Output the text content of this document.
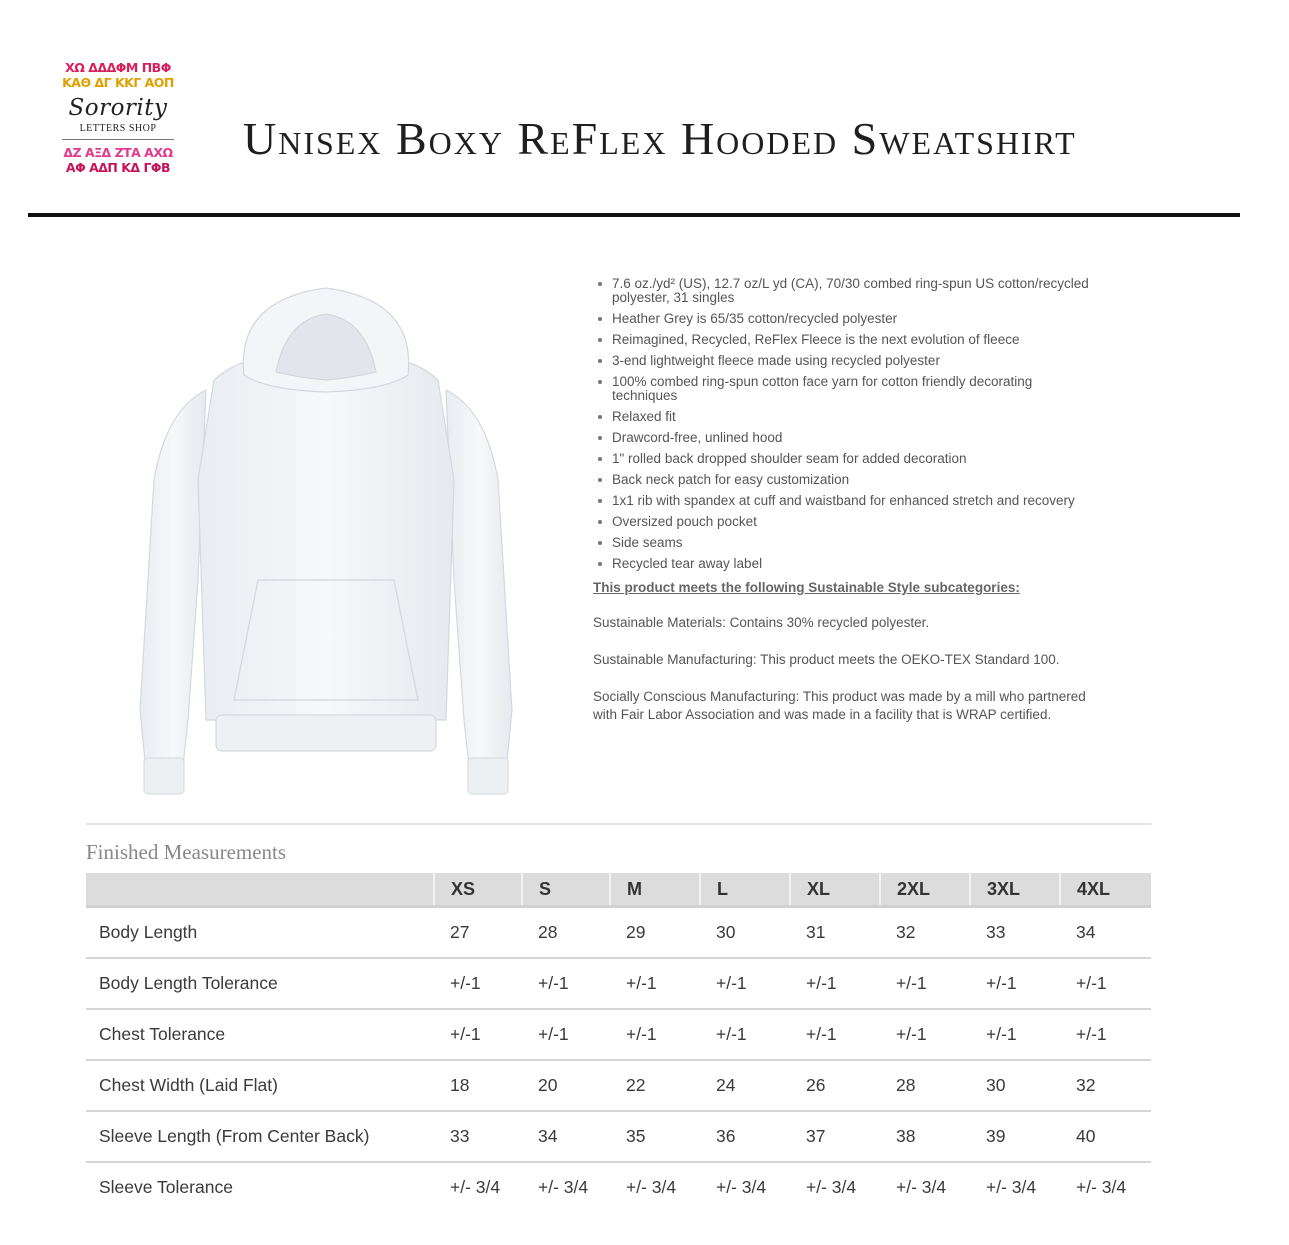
ΧΩ ΔΔΔΦΜ ΠΒΦ
ΚΑΘ ΔΓ ΚΚΓ ΑΟΠ
Sorority
LETTERS SHOP
ΔΖ ΑΞΔ ΖΤΑ ΑΧΩ
ΑΦ ΑΔΠ ΚΔ ΓΦΒ
Unisex Boxy ReFlex Hooded Sweatshirt
7.6 oz./yd² (US), 12.7 oz/L yd (CA), 70/30 combed ring-spun US cotton/recycled polyester, 31 singles
Heather Grey is 65/35 cotton/recycled polyester
Reimagined, Recycled, ReFlex Fleece is the next evolution of fleece
3-end lightweight fleece made using recycled polyester
100% combed ring-spun cotton face yarn for cotton friendly decorating techniques
Relaxed fit
Drawcord-free, unlined hood
1" rolled back dropped shoulder seam for added decoration
Back neck patch for easy customization
1x1 rib with spandex at cuff and waistband for enhanced stretch and recovery
Oversized pouch pocket
Side seams
Recycled tear away label
This product meets the following Sustainable Style subcategories:
Sustainable Materials: Contains 30% recycled polyester.
Sustainable Manufacturing: This product meets the OEKO-TEX Standard 100.
Socially Conscious Manufacturing: This product was made by a mill who partnered with Fair Labor Association and was made in a facility that is WRAP certified.
Finished Measurements
	XS	S	M	L	XL	2XL	3XL	4XL
Body Length	27	28	29	30	31	32	33	34
Body Length Tolerance	+/-1	+/-1	+/-1	+/-1	+/-1	+/-1	+/-1	+/-1
Chest Tolerance	+/-1	+/-1	+/-1	+/-1	+/-1	+/-1	+/-1	+/-1
Chest Width (Laid Flat)	18	20	22	24	26	28	30	32
Sleeve Length (From Center Back)	33	34	35	36	37	38	39	40
Sleeve Tolerance	+/- 3/4	+/- 3/4	+/- 3/4	+/- 3/4	+/- 3/4	+/- 3/4	+/- 3/4	+/- 3/4
